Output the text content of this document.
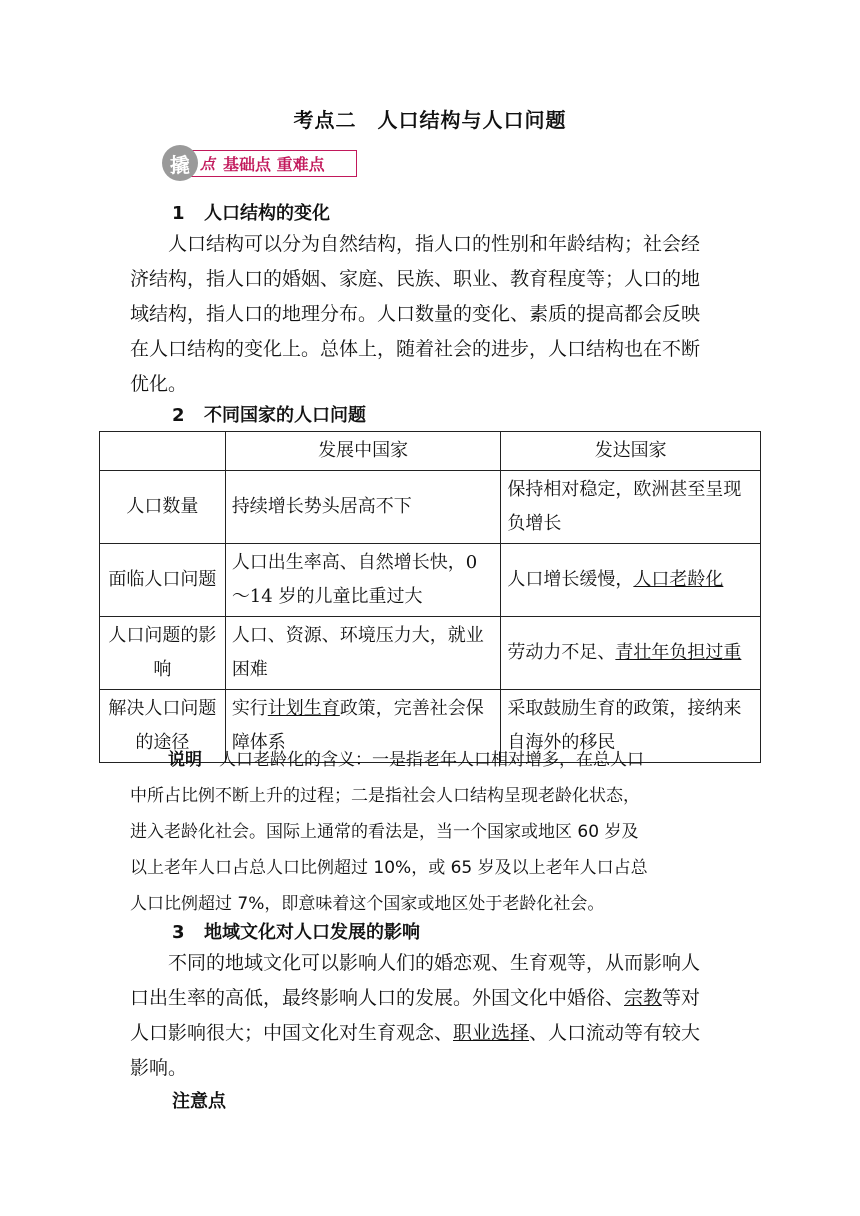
考点二　人口结构与人口问题
点 基础点 重难点
撬
1 人口结构的变化
人口结构可以分为自然结构，指人口的性别和年龄结构；社会经
济结构，指人口的婚姻、家庭、民族、职业、教育程度等；人口的地
域结构，指人口的地理分布。人口数量的变化、素质的提高都会反映
在人口结构的变化上。总体上，随着社会的进步，人口结构也在不断
优化。
2 不同国家的人口问题
	发展中国家	发达国家
人口数量	持续增长势头居高不下	保持相对稳定，欧洲甚至呈现负增长
面临人口问题	人口出生率高、自然增长快，0～14 岁的儿童比重过大	人口增长缓慢，人口老龄化
人口问题的影响	人口、资源、环境压力大，就业困难	劳动力不足、青壮年负担过重
解决人口问题的途径	实行计划生育政策，完善社会保障体系	采取鼓励生育的政策，接纳来自海外的移民
说明　 人口老龄化的含义：一是指老年人口相对增多，在总人口
中所占比例不断上升的过程；二是指社会人口结构呈现老龄化状态，
进入老龄化社会。国际上通常的看法是，当一个国家或地区 60 岁及
以上老年人口占总人口比例超过 10%，或 65 岁及以上老年人口占总
人口比例超过 7%，即意味着这个国家或地区处于老龄化社会。
3 地域文化对人口发展的影响
不同的地域文化可以影响人们的婚恋观、生育观等，从而影响人
口出生率的高低，最终影响人口的发展。外国文化中婚俗、宗教等对
人口影响很大；中国文化对生育观念、职业选择、人口流动等有较大
影响。
注意点
